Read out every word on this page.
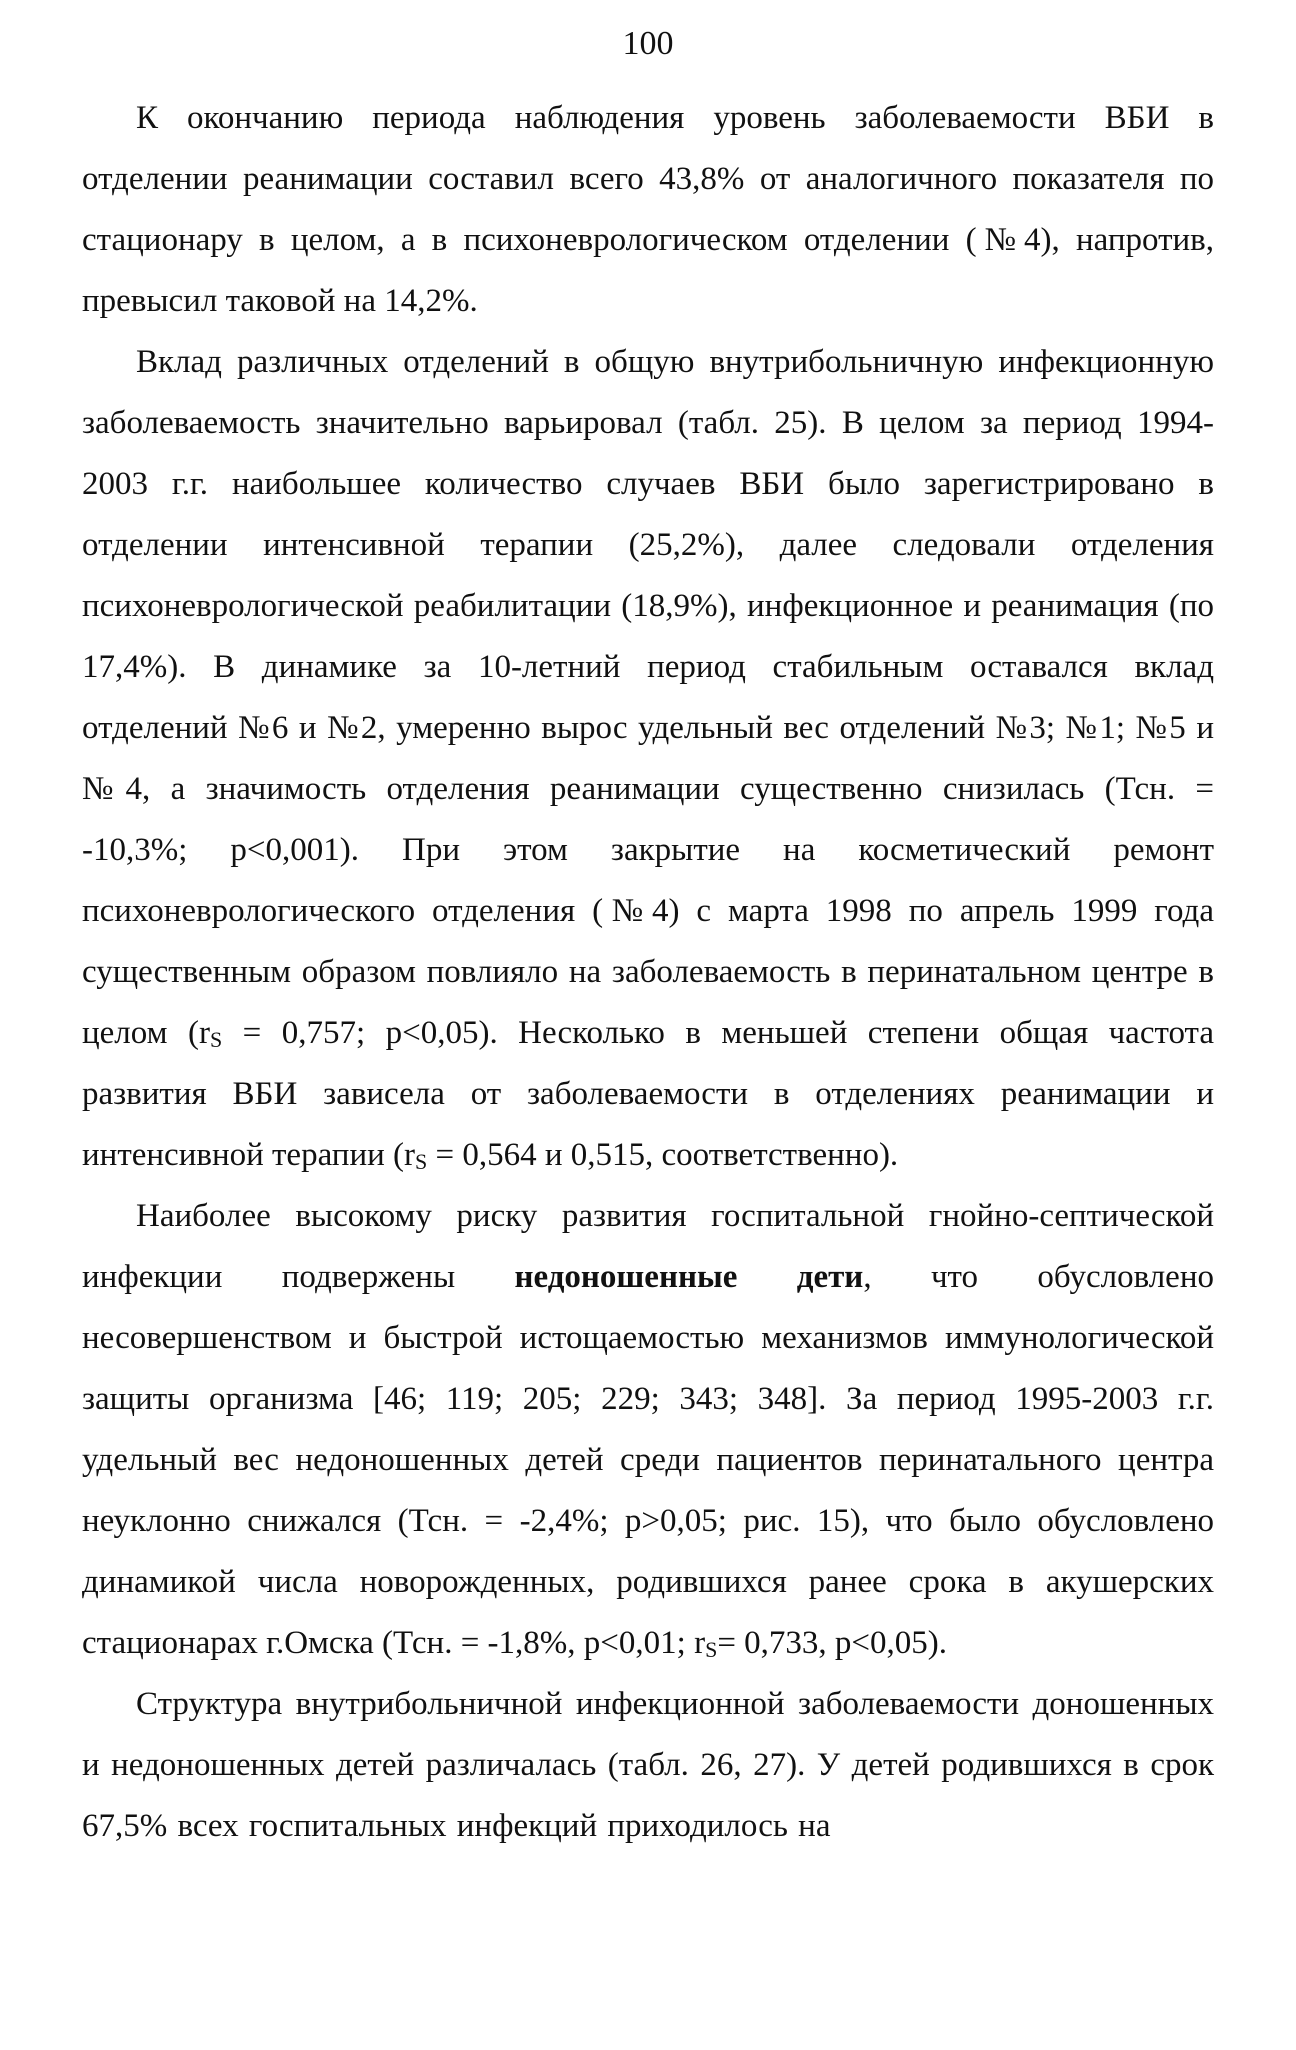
100

К окончанию периода наблюдения уровень заболеваемости ВБИ в отделении реанимации составил всего 43,8% от аналогичного показателя по стационару в целом, а в психоневрологическом отделении (№4), напротив, превысил таковой на 14,2%.

Вклад различных отделений в общую внутрибольничную инфекционную заболеваемость значительно варьировал (табл. 25). В целом за период 1994-2003 г.г. наибольшее количество случаев ВБИ было зарегистрировано в отделении интенсивной терапии (25,2%), далее следовали отделения психоневрологической реабилитации (18,9%), инфекционное и реанимация (по 17,4%). В динамике за 10-летний период стабильным оставался вклад отделений №6 и №2, умеренно вырос удельный вес отделений №3; №1; №5 и №4, а значимость отделения реанимации существенно снизилась (Тсн. = -10,3%; p<0,001). При этом закрытие на косметический ремонт психоневрологического отделения (№4) с марта 1998 по апрель 1999 года существенным образом повлияло на заболеваемость в перинатальном центре в целом ($r_S = 0,757$; p<0,05). Несколько в меньшей степени общая частота развития ВБИ зависела от заболеваемости в отделениях реанимации и интенсивной терапии ($r_S = 0,564$ и 0,515, соответственно).

Наиболее высокому риску развития госпитальной гнойно-септической инфекции подвержены недоношенные дети, что обусловлено несовершенством и быстрой истощаемостью механизмов иммунологической защиты организма [46; 119; 205; 229; 343; 348]. За период 1995-2003 г.г. удельный вес недоношенных детей среди пациентов перинатального центра неуклонно снижался (Тсн. = -2,4%; p>0,05; рис. 15), что было обусловлено динамикой числа новорожденных, родившихся ранее срока в акушерских стационарах г.Омска (Тсн. = -1,8%, p<0,01; $r_S= 0,733$, p<0,05).

Структура внутрибольничной инфекционной заболеваемости доношенных и недоношенных детей различалась (табл. 26, 27). У детей родившихся в срок 67,5% всех госпитальных инфекций приходилось на
